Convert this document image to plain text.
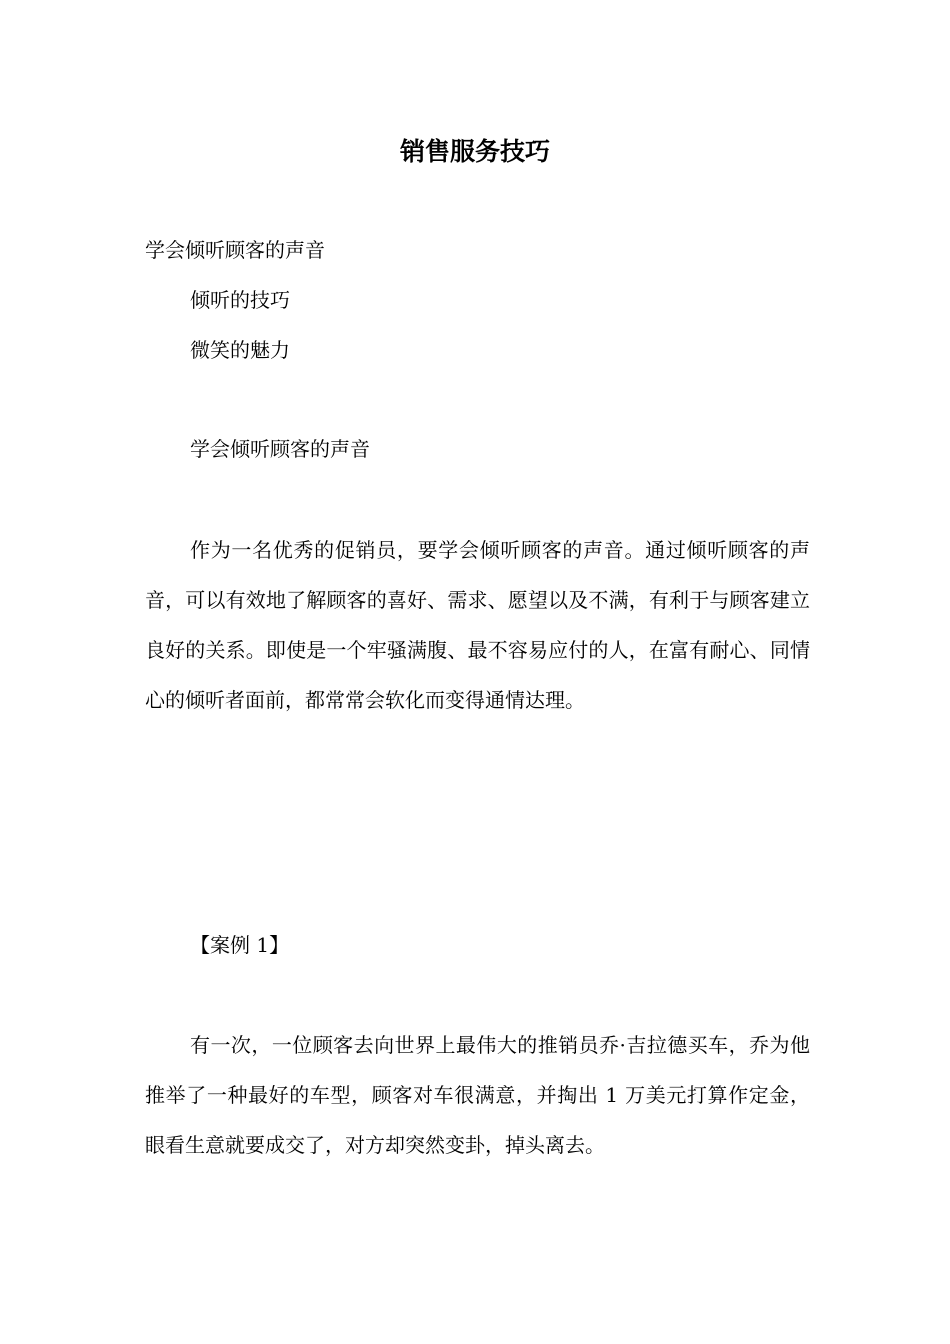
销售服务技巧
学会倾听顾客的声音
倾听的技巧
微笑的魅力
学会倾听顾客的声音
作为一名优秀的促销员，要学会倾听顾客的声音。通过倾听顾客的声音，可以有效地了解顾客的喜好、需求、愿望以及不满，有利于与顾客建立良好的关系。即使是一个牢骚满腹、最不容易应付的人，在富有耐心、同情心的倾听者面前，都常常会软化而变得通情达理。
【案例 1】
有一次，一位顾客去向世界上最伟大的推销员乔·吉拉德买车，乔为他推举了一种最好的车型，顾客对车很满意，并掏出 1 万美元打算作定金，眼看生意就要成交了，对方却突然变卦，掉头离去。
